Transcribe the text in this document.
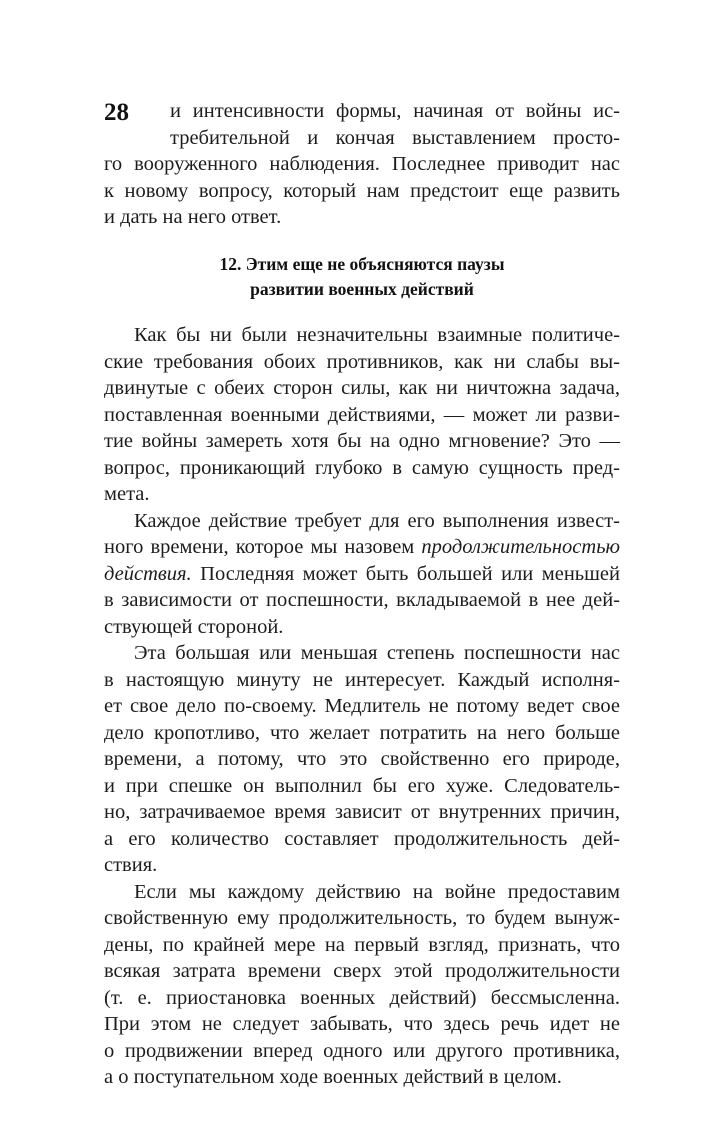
28	и интенсивности формы, начиная от войны ис-
требительной и кончая выставлением просто-
го вооруженного наблюдения. Последнее приводит нас
к новому вопросу, который нам предстоит еще развить
и дать на него ответ.
12. Этим еще не объясняются паузы
развитии военных действий
Как бы ни были незначительны взаимные политиче-
ские требования обоих противников, как ни слабы вы-
двинутые с обеих сторон силы, как ни ничтожна задача,
поставленная военными действиями, — может ли разви-
тие войны замереть хотя бы на одно мгновение? Это —
вопрос, проникающий глубоко в самую сущность пред-
мета.
Каждое действие требует для его выполнения извест-
ного времени, которое мы назовем продолжительностью
действия. Последняя может быть большей или меньшей
в зависимости от поспешности, вкладываемой в нее дей-
ствующей стороной.
Эта большая или меньшая степень поспешности нас
в настоящую минуту не интересует. Каждый исполня-
ет свое дело по-своему. Медлитель не потому ведет свое
дело кропотливо, что желает потратить на него больше
времени, а потому, что это свойственно его природе,
и при спешке он выполнил бы его хуже. Следователь-
но, затрачиваемое время зависит от внутренних причин,
а его количество составляет продолжительность дей-
ствия.
Если мы каждому действию на войне предоставим
свойственную ему продолжительность, то будем вынуж-
дены, по крайней мере на первый взгляд, признать, что
всякая затрата времени сверх этой продолжительности
(т. е. приостановка военных действий) бессмысленна.
При этом не следует забывать, что здесь речь идет не
о продвижении вперед одного или другого противника,
а о поступательном ходе военных действий в целом.
